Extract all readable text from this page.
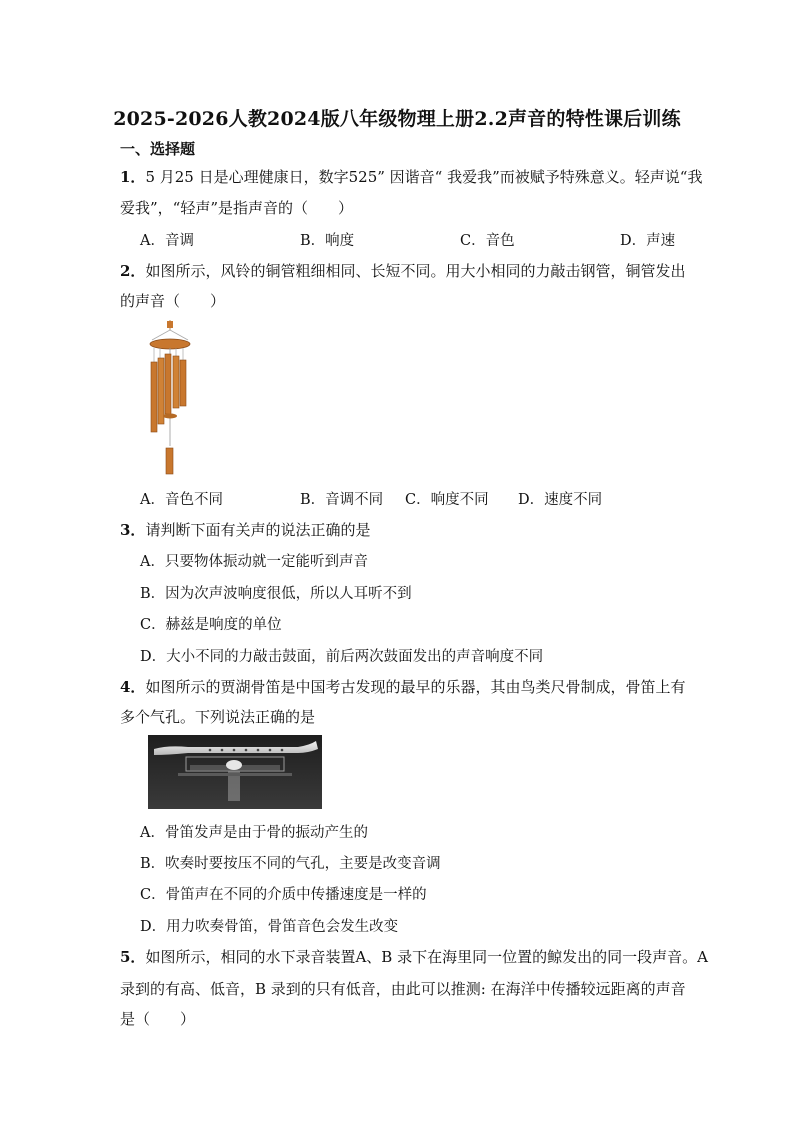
2025-2026人教2024版八年级物理上册2.2声音的特性课后训练
一、选择题
1．5 月25 日是心理健康日，数字525” 因谐音“ 我爱我”而被赋予特殊意义。轻声说“我
爱我”，“轻声”是指声音的（　　）
A．音调	B．响度	C．音色	D．声速
2．如图所示，风铃的铜管粗细相同、长短不同。用大小相同的力敲击钢管，铜管发出
的声音（　　）
A．音色不同	B．音调不同 C．响度不同 D．速度不同
3．请判断下面有关声的说法正确的是
A．只要物体振动就一定能听到声音
B．因为次声波响度很低，所以人耳听不到
C．赫兹是响度的单位
D．大小不同的力敲击鼓面，前后两次鼓面发出的声音响度不同
4．如图所示的贾湖骨笛是中国考古发现的最早的乐器，其由鸟类尺骨制成，骨笛上有
多个气孔。下列说法正确的是
A．骨笛发声是由于骨的振动产生的
B．吹奏时要按压不同的气孔，主要是改变音调
C．骨笛声在不同的介质中传播速度是一样的
D．用力吹奏骨笛，骨笛音色会发生改变
5．如图所示，相同的水下录音装置A、B 录下在海里同一位置的鲸发出的同一段声音。A
录到的有高、低音，B 录到的只有低音，由此可以推测: 在海洋中传播较远距离的声音
是（　　）
